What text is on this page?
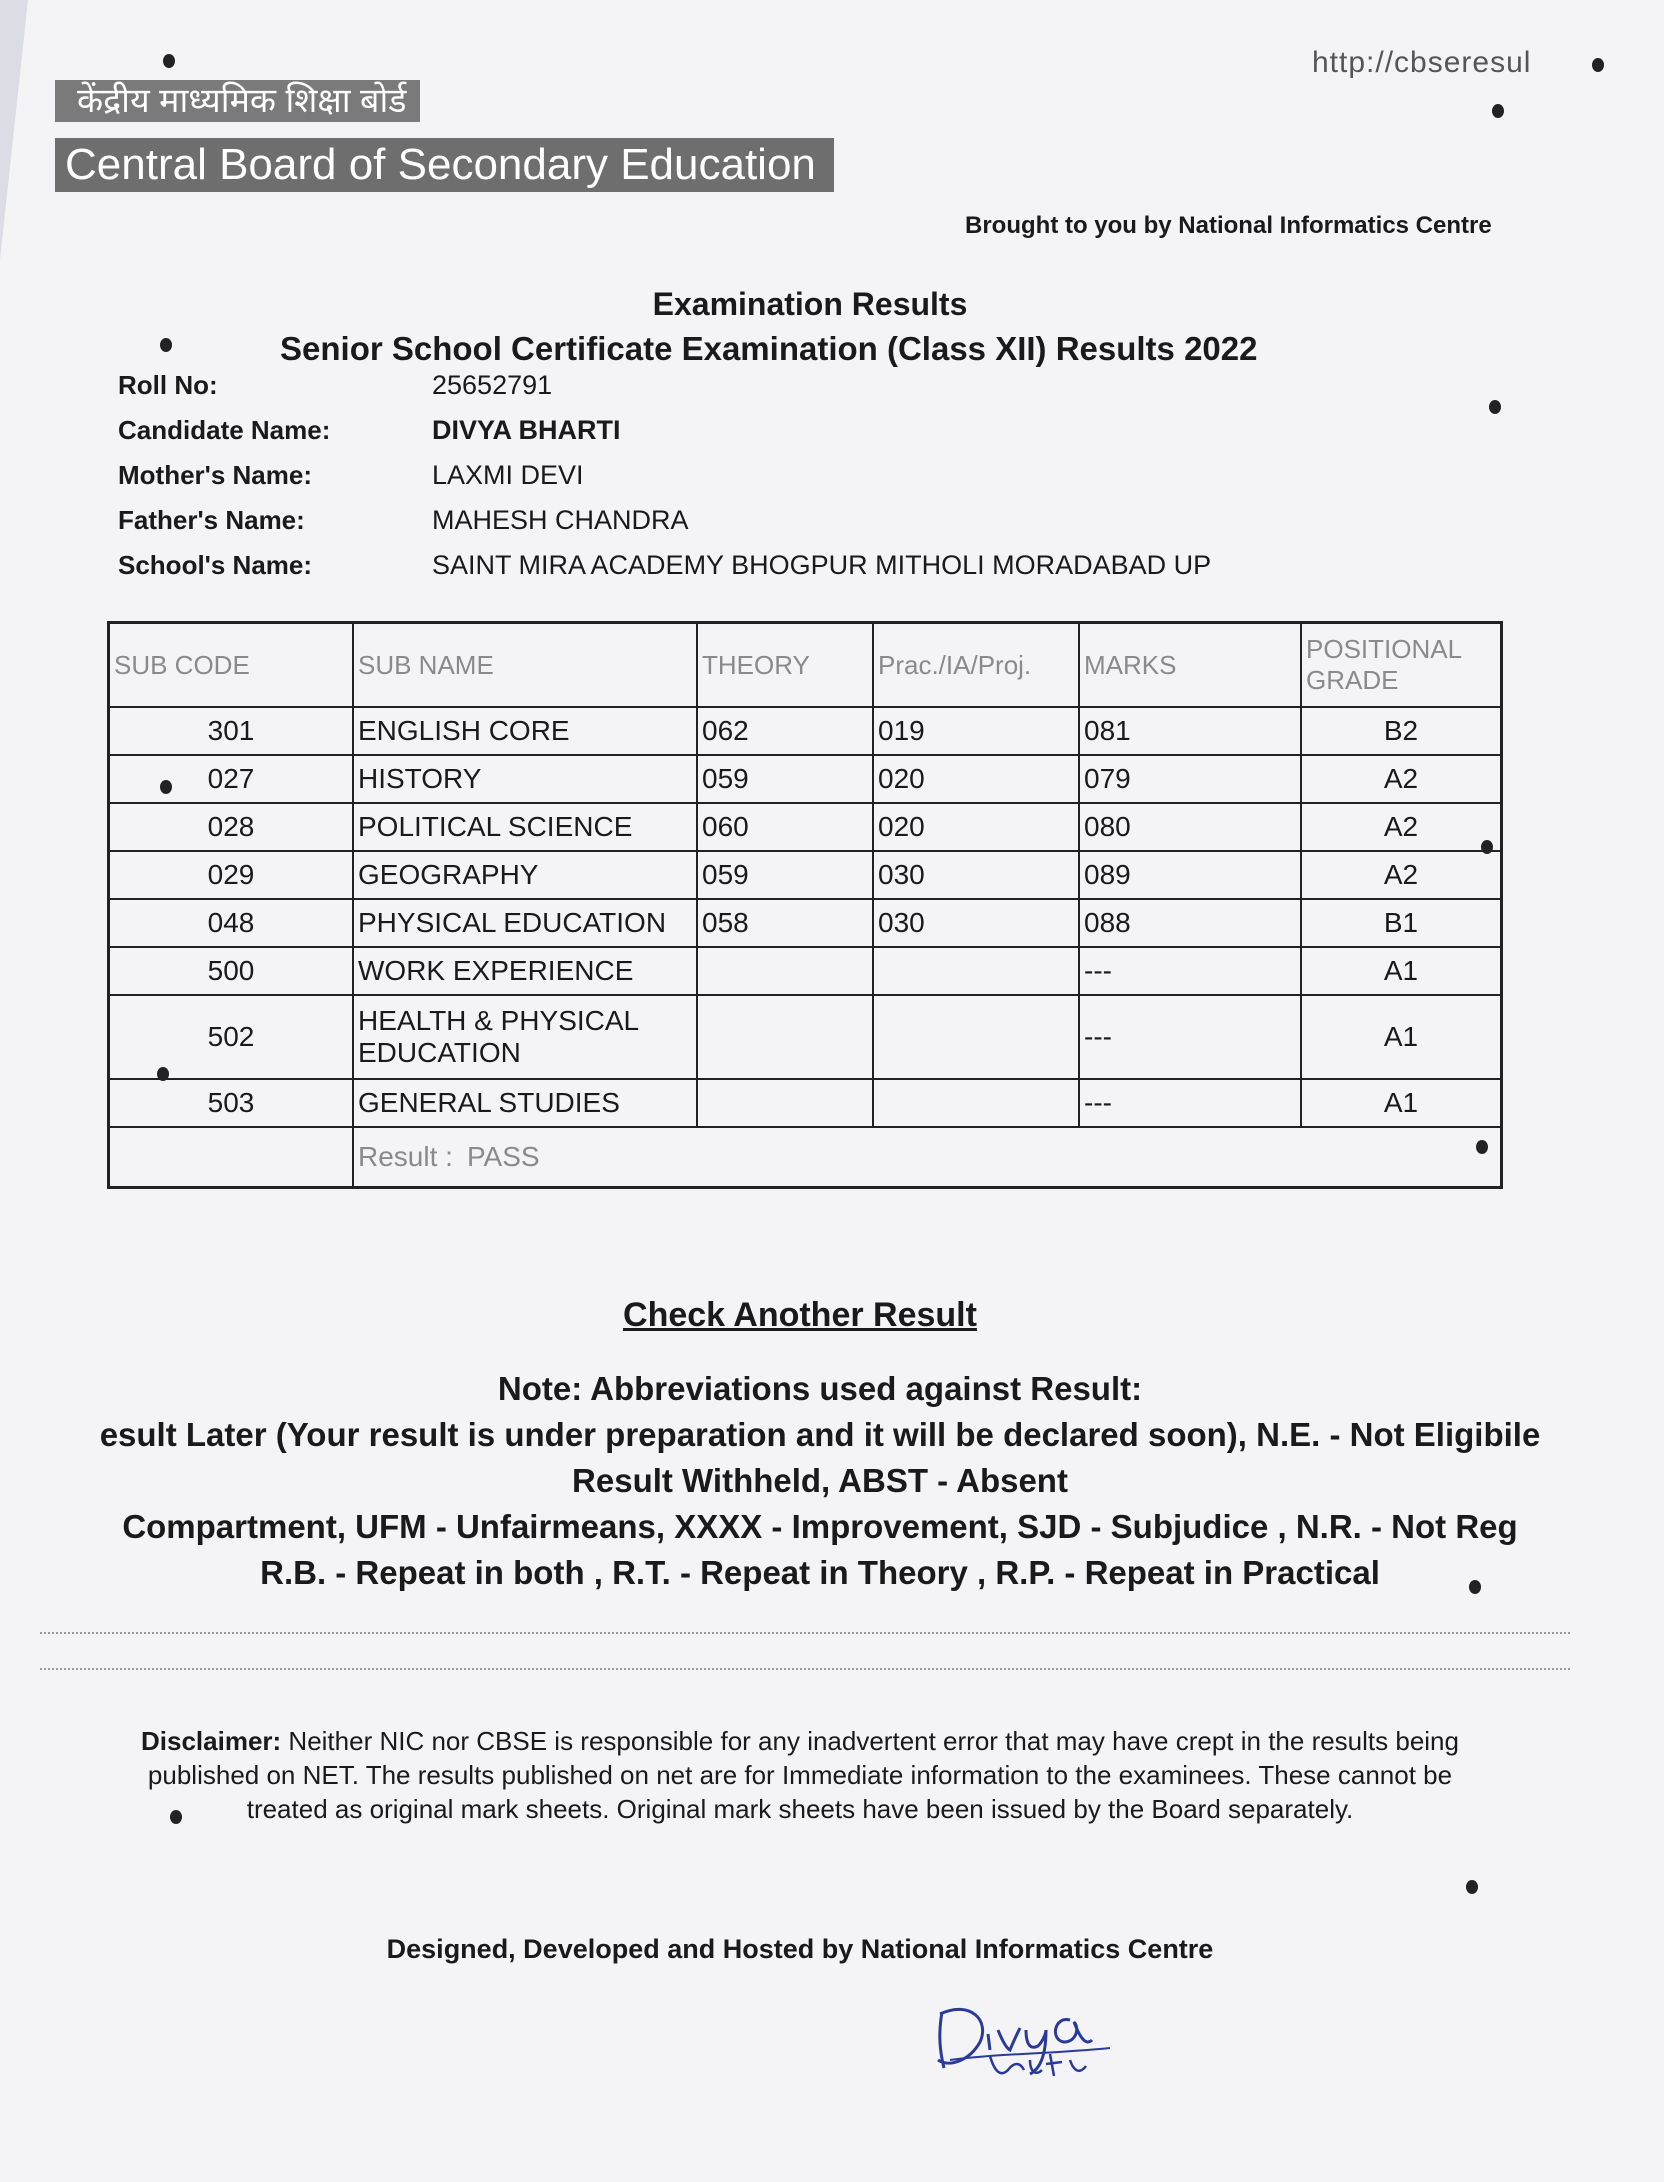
http://cbseresul
केंद्रीय माध्यमिक शिक्षा बोर्ड
Central Board of Secondary Education
Brought to you by National Informatics Centre
Examination Results
Senior School Certificate Examination (Class XII) Results 2022
Roll No:	25652791
Candidate Name:	DIVYA BHARTI
Mother's Name:	LAXMI DEVI
Father's Name:	MAHESH CHANDRA
School's Name:	SAINT MIRA ACADEMY BHOGPUR MITHOLI MORADABAD UP
SUB CODE	SUB NAME	THEORY	Prac./IA/Proj.	MARKS	POSITIONAL GRADE
301	ENGLISH CORE	062	019	081	B2
027	HISTORY	059	020	079	A2
028	POLITICAL SCIENCE	060	020	080	A2
029	GEOGRAPHY	059	030	089	A2
048	PHYSICAL EDUCATION	058	030	088	B1
500	WORK EXPERIENCE			---	A1
502	HEALTH & PHYSICAL EDUCATION			---	A1
503	GENERAL STUDIES			---	A1
	Result : PASS				
Check Another Result
Note: Abbreviations used against Result:
esult Later (Your result is under preparation and it will be declared soon), N.E. - Not Eligibile
Result Withheld, ABST - Absent
Compartment, UFM - Unfairmeans, XXXX - Improvement, SJD - Subjudice , N.R. - Not Reg
R.B. - Repeat in both , R.T. - Repeat in Theory , R.P. - Repeat in Practical
Disclaimer: Neither NIC nor CBSE is responsible for any inadvertent error that may have crept in the results being published on NET. The results published on net are for Immediate information to the examinees. These cannot be treated as original mark sheets. Original mark sheets have been issued by the Board separately.
Designed, Developed and Hosted by National Informatics Centre
